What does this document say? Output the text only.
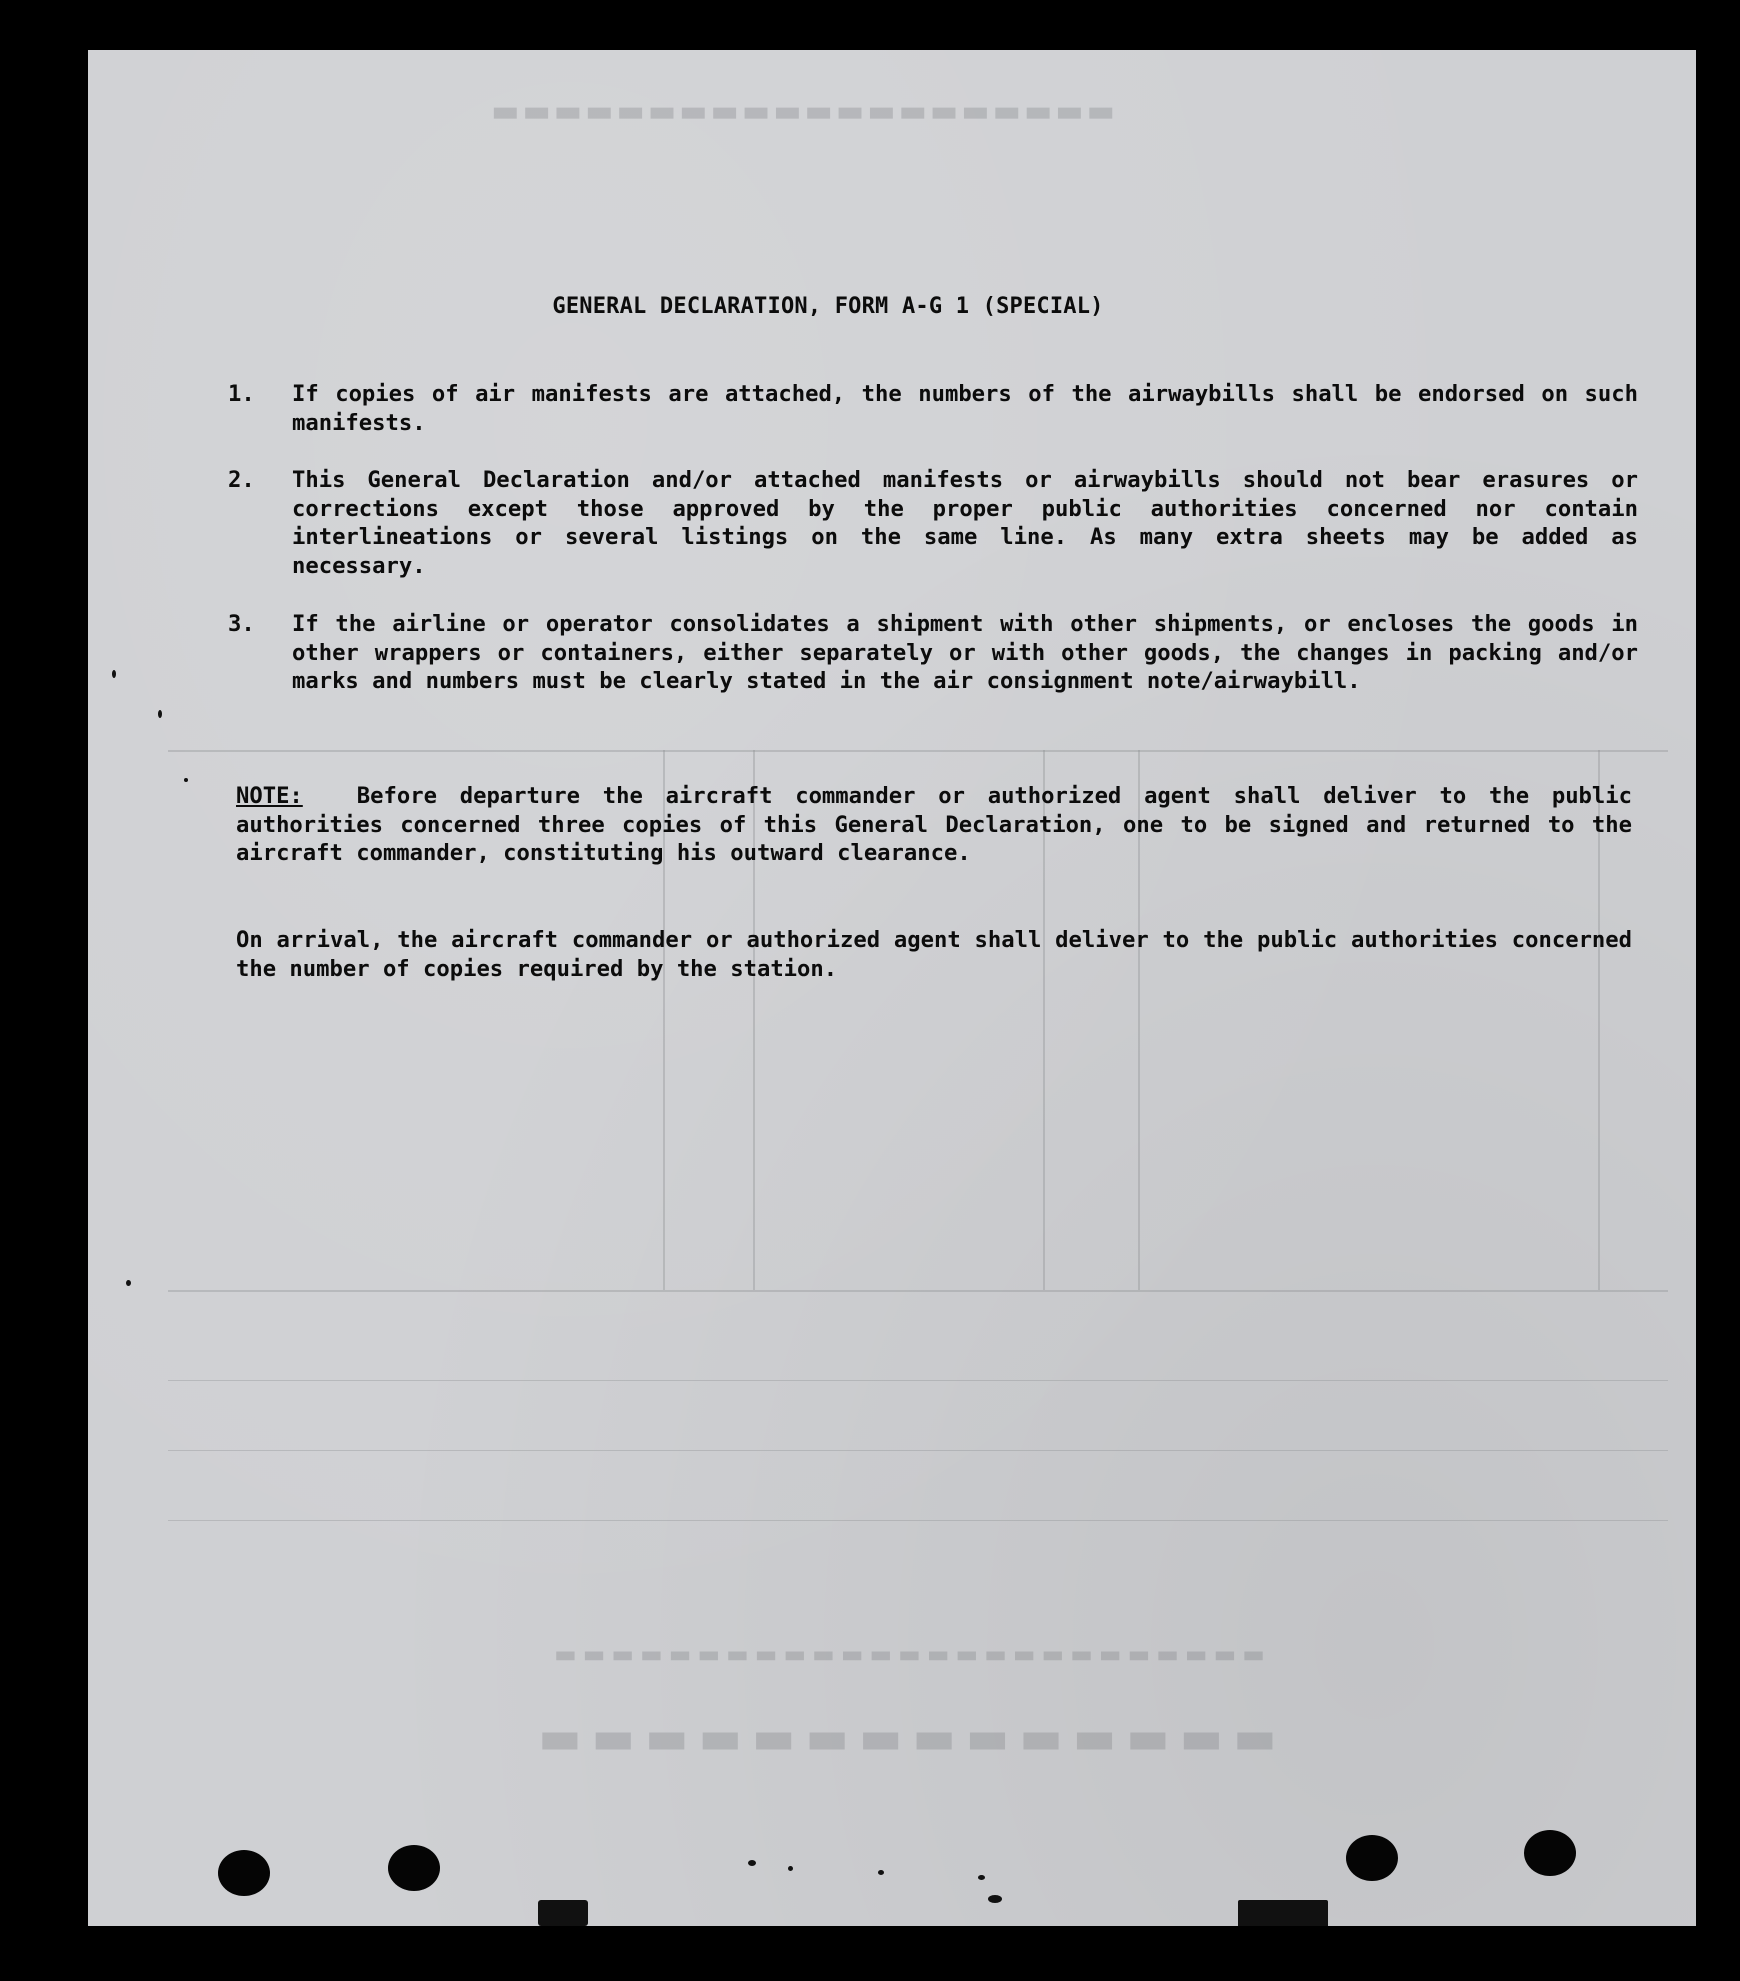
▬▬▬▬▬▬▬▬▬▬▬▬▬▬▬▬▬▬▬▬
▬▬▬▬▬▬▬▬▬▬▬▬▬▬
▬▬▬▬▬▬▬▬▬▬▬▬▬▬▬▬▬▬▬▬▬▬▬▬▬
GENERAL DECLARATION, FORM A-G 1 (SPECIAL)
1.	If copies of air manifests are attached, the numbers of the airwaybills shall be endorsed on such manifests.
2.	This General Declaration and/or attached manifests or airwaybills should not bear erasures or corrections except those approved by the proper public authorities concerned nor contain interlineations or several listings on the same line. As many extra sheets may be added as necessary.
3.	If the airline or operator consolidates a shipment with other shipments, or encloses the goods in other wrappers or containers, either separately or with other goods, the changes in packing and/or marks and numbers must be clearly stated in the air consignment note/airwaybill.
NOTE: Before departure the aircraft commander or authorized agent shall deliver to the public authorities concerned three copies of this General Declaration, one to be signed and returned to the aircraft commander, constituting his outward clearance.
On arrival, the aircraft commander or authorized agent shall deliver to the public authorities concerned the number of copies required by the station.
